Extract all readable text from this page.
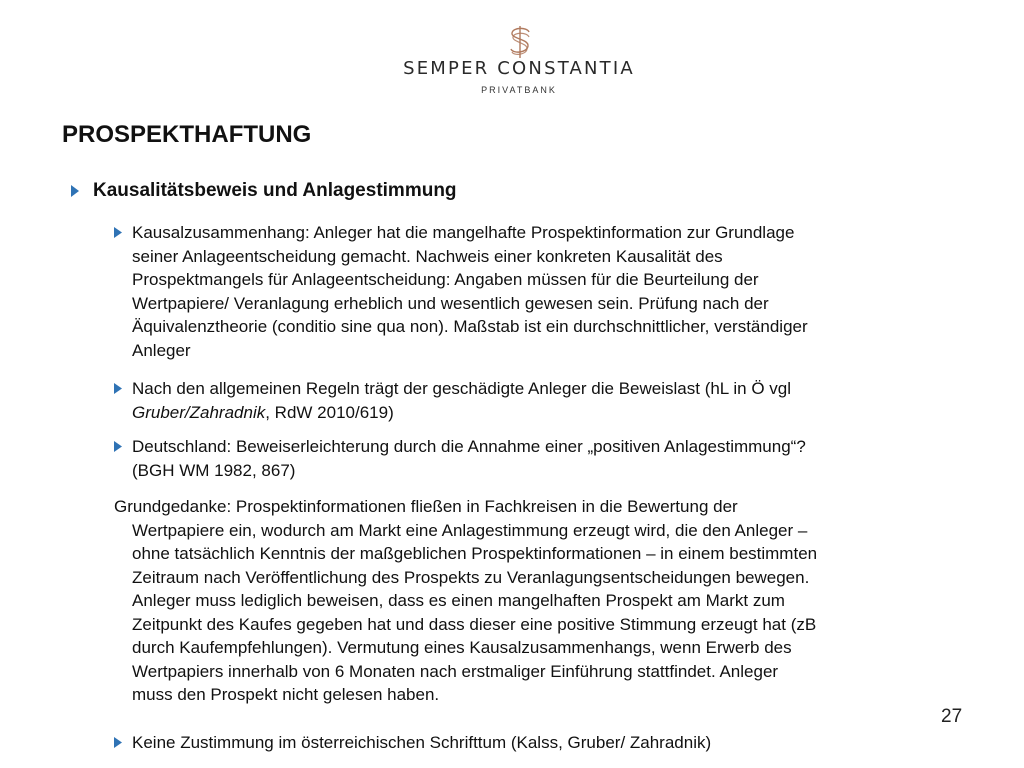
SEMPER CONSTANTIA
PRIVATBANK
PROSPEKTHAFTUNG
Kausalitätsbeweis und Anlagestimmung
Kausalzusammenhang: Anleger hat die mangelhafte Prospektinformation zur Grundlage
seiner Anlageentscheidung gemacht. Nachweis einer konkreten Kausalität des
Prospektmangels für Anlageentscheidung: Angaben müssen für die Beurteilung der
Wertpapiere/ Veranlagung erheblich und wesentlich gewesen sein. Prüfung nach der
Äquivalenztheorie (conditio sine qua non). Maßstab ist ein durchschnittlicher, verständiger
Anleger
Nach den allgemeinen Regeln trägt der geschädigte Anleger die Beweislast (hL in Ö vgl
Gruber/Zahradnik, RdW 2010/619)
Deutschland: Beweiserleichterung durch die Annahme einer „positiven Anlagestimmung“?
(BGH WM 1982, 867)
Grundgedanke: Prospektinformationen fließen in Fachkreisen in die Bewertung der
Wertpapiere ein, wodurch am Markt eine Anlagestimmung erzeugt wird, die den Anleger –
ohne tatsächlich Kenntnis der maßgeblichen Prospektinformationen – in einem bestimmten
Zeitraum nach Veröffentlichung des Prospekts zu Veranlagungsentscheidungen bewegen.
Anleger muss lediglich beweisen, dass es einen mangelhaften Prospekt am Markt zum
Zeitpunkt des Kaufes gegeben hat und dass dieser eine positive Stimmung erzeugt hat (zB
durch Kaufempfehlungen). Vermutung eines Kausalzusammenhangs, wenn Erwerb des
Wertpapiers innerhalb von 6 Monaten nach erstmaliger Einführung stattfindet. Anleger
muss den Prospekt nicht gelesen haben.
Keine Zustimmung im österreichischen Schrifttum (Kalss, Gruber/ Zahradnik)
27
